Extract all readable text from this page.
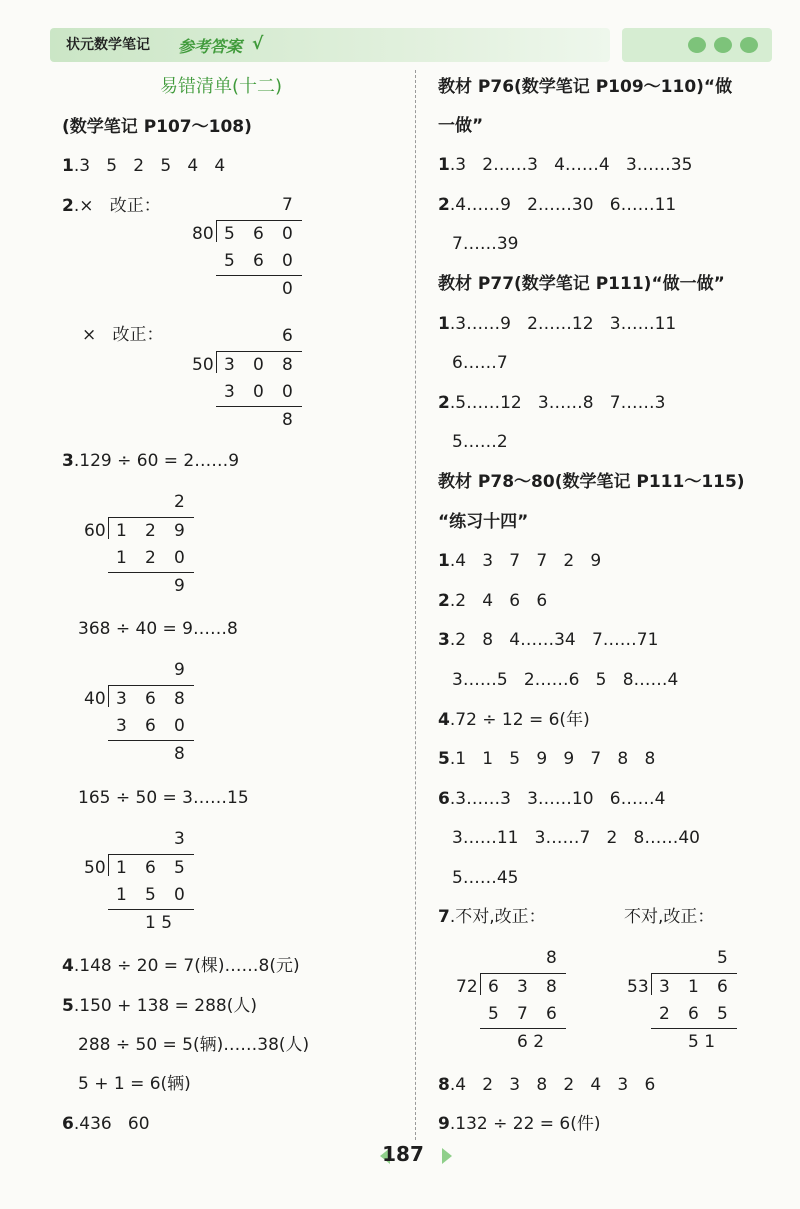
状元数学笔记 参考答案 √
易错清单(十二)
(数学笔记 P107～108)
1.3   5   2   5   4   4
2.×   改正：	7
80 5 6 0
5 6 0
0
×   改正：	6
50 3 0 8
3 0 0
8
3.129 ÷ 60 = 2……9
2
60 1 2 9
1 2 0
9
368 ÷ 40 = 9……8
9
40 3 6 8
3 6 0
8
165 ÷ 50 = 3……15
3
50 1 6 5
1 5 0
1 5
4.148 ÷ 20 = 7(棵)……8(元)
5.150 + 138 = 288(人)
288 ÷ 50 = 5(辆)……38(人)
5 + 1 = 6(辆)
6.436   60
教材 P76(数学笔记 P109～110)“做
一做”
1.3   2……3   4……4   3……35
2.4……9   2……30   6……11
7……39
教材 P77(数学笔记 P111)“做一做”
1.3……9   2……12   3……11
6……7
2.5……12   3……8   7……3
5……2
教材 P78～80(数学笔记 P111～115)
“练习十四”
1.4   3   7   7   2   9
2.2   4   6   6
3.2   8   4……34   7……71
3……5   2……6   5   8……4
4.72 ÷ 12 = 6(年)
5.1   1   5   9   9   7   8   8
6.3……3   3……10   6……4
3……11   3……7   2   8……40
5……45
7.不对,改正：	不对,改正：
8
72 6 3 8
5 7 6
6 2
5
53 3 1 6
2 6 5
5 1
8.4   2   3   8   2   4   3   6
9.132 ÷ 22 = 6(件)
187
